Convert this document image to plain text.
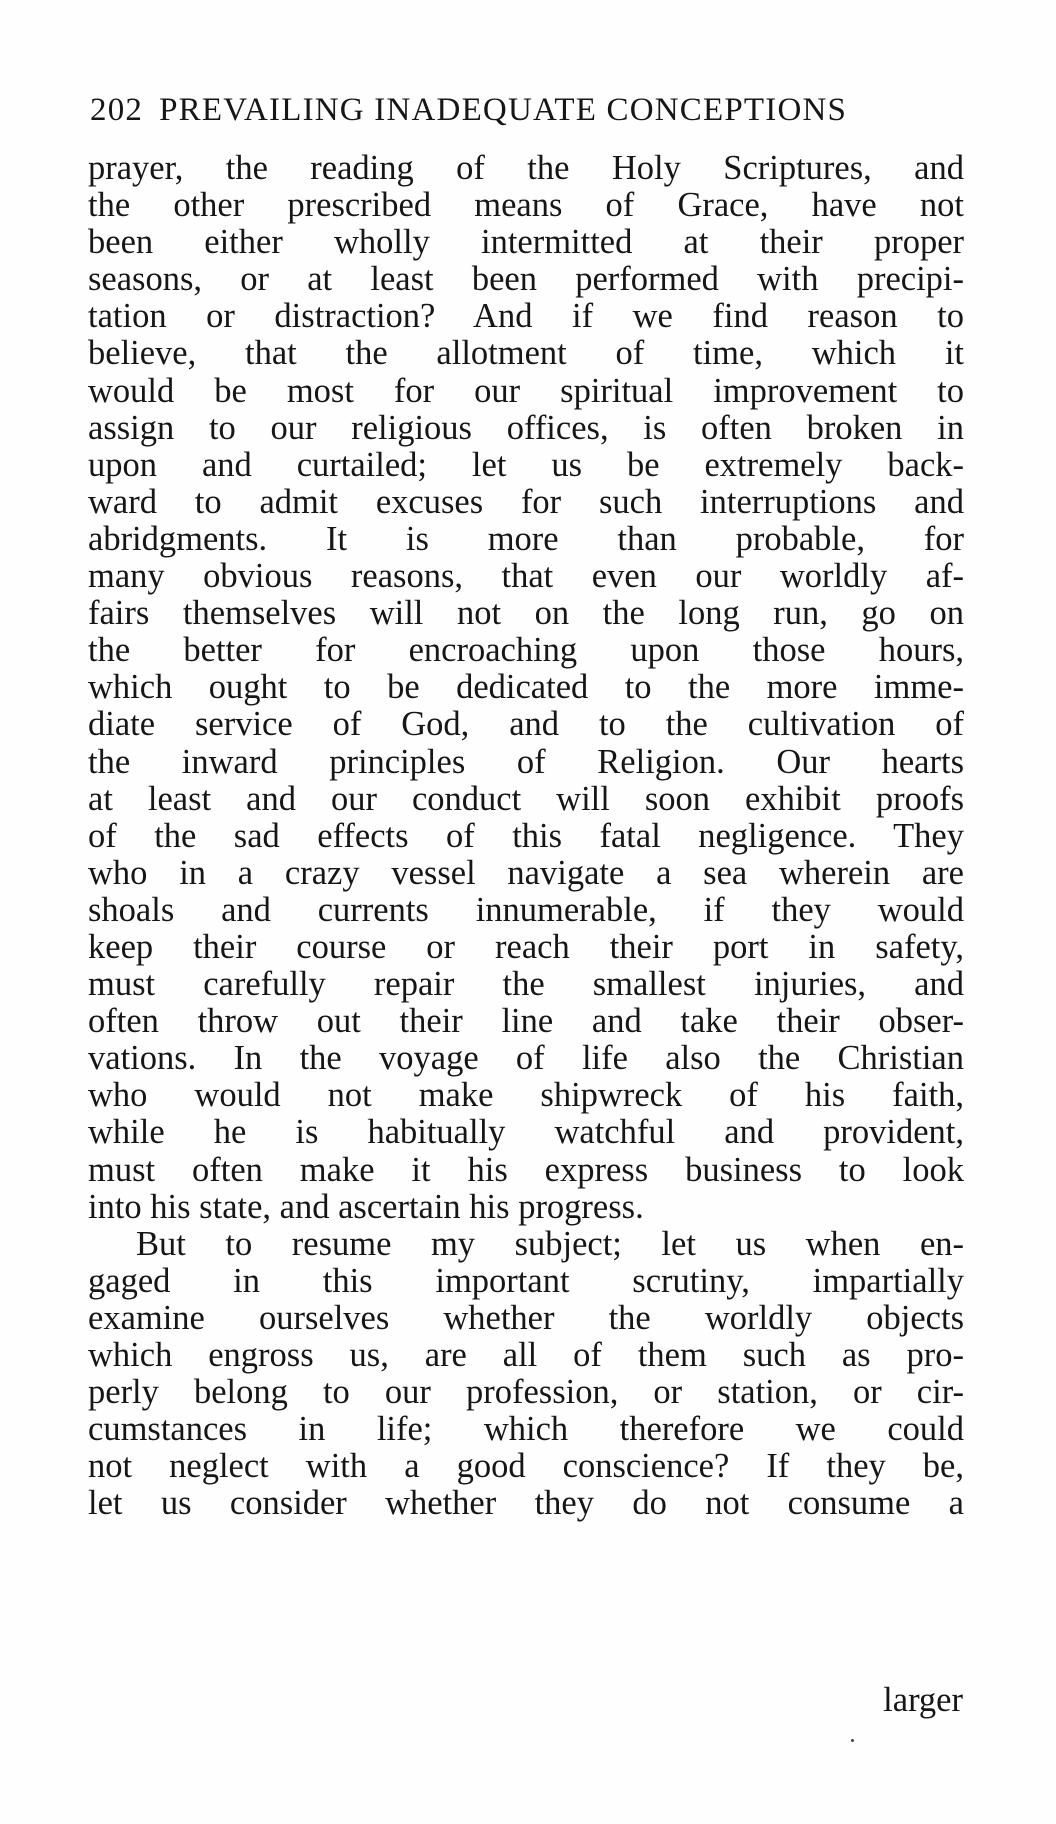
202 PREVAILING INADEQUATE CONCEPTIONS
prayer, the reading of the Holy Scriptures, and
the other prescribed means of Grace, have not
been either wholly intermitted at their proper
seasons, or at least been performed with precipi-
tation or distraction? And if we find reason to
believe, that the allotment of time, which it
would be most for our spiritual improvement to
assign to our religious offices, is often broken in
upon and curtailed; let us be extremely back-
ward to admit excuses for such interruptions and
abridgments. It is more than probable, for
many obvious reasons, that even our worldly af-
fairs themselves will not on the long run, go on
the better for encroaching upon those hours,
which ought to be dedicated to the more imme-
diate service of God, and to the cultivation of
the inward principles of Religion. Our hearts
at least and our conduct will soon exhibit proofs
of the sad effects of this fatal negligence. They
who in a crazy vessel navigate a sea wherein are
shoals and currents innumerable, if they would
keep their course or reach their port in safety,
must carefully repair the smallest injuries, and
often throw out their line and take their obser-
vations. In the voyage of life also the Christian
who would not make shipwreck of his faith,
while he is habitually watchful and provident,
must often make it his express business to look
into his state, and ascertain his progress.
But to resume my subject; let us when en-
gaged in this important scrutiny, impartially
examine ourselves whether the worldly objects
which engross us, are all of them such as pro-
perly belong to our profession, or station, or cir-
cumstances in life; which therefore we could
not neglect with a good conscience? If they be,
let us consider whether they do not consume a
larger
